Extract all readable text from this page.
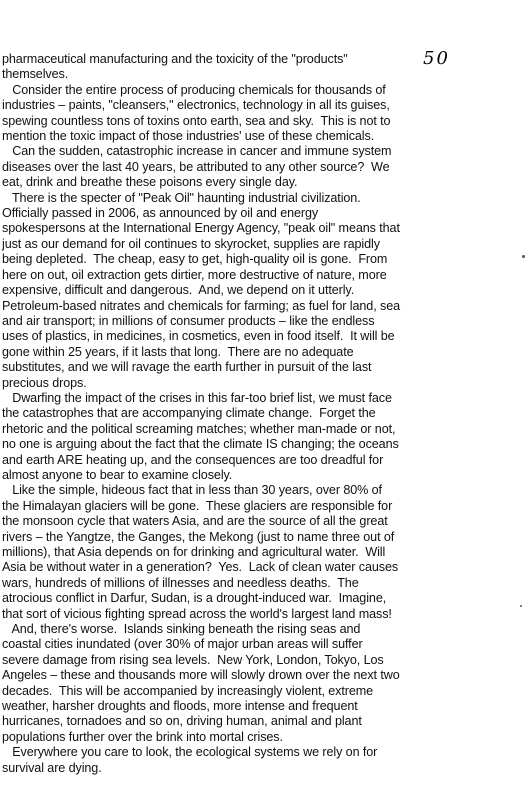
50

pharmaceutical manufacturing and the toxicity of the "products"

themselves.

Consider the entire process of producing chemicals for thousands of

industries – paints, "cleansers," electronics, technology in all its guises,

spewing countless tons of toxins onto earth, sea and sky.  This is not to

mention the toxic impact of those industries' use of these chemicals.

Can the sudden, catastrophic increase in cancer and immune system

diseases over the last 40 years, be attributed to any other source?  We

eat, drink and breathe these poisons every single day.

There is the specter of "Peak Oil" haunting industrial civilization.

Officially passed in 2006, as announced by oil and energy

spokespersons at the International Energy Agency, "peak oil" means that

just as our demand for oil continues to skyrocket, supplies are rapidly

being depleted.  The cheap, easy to get, high-quality oil is gone.  From

here on out, oil extraction gets dirtier, more destructive of nature, more

expensive, difficult and dangerous.  And, we depend on it utterly.

Petroleum-based nitrates and chemicals for farming; as fuel for land, sea

and air transport; in millions of consumer products – like the endless

uses of plastics, in medicines, in cosmetics, even in food itself.  It will be

gone within 25 years, if it lasts that long.  There are no adequate

substitutes, and we will ravage the earth further in pursuit of the last

precious drops.

Dwarfing the impact of the crises in this far-too brief list, we must face

the catastrophes that are accompanying climate change.  Forget the

rhetoric and the political screaming matches; whether man-made or not,

no one is arguing about the fact that the climate IS changing; the oceans

and earth ARE heating up, and the consequences are too dreadful for

almost anyone to bear to examine closely.

Like the simple, hideous fact that in less than 30 years, over 80% of

the Himalayan glaciers will be gone.  These glaciers are responsible for

the monsoon cycle that waters Asia, and are the source of all the great

rivers – the Yangtze, the Ganges, the Mekong (just to name three out of

millions), that Asia depends on for drinking and agricultural water.  Will

Asia be without water in a generation?  Yes.  Lack of clean water causes

wars, hundreds of millions of illnesses and needless deaths.  The

atrocious conflict in Darfur, Sudan, is a drought-induced war.  Imagine,

that sort of vicious fighting spread across the world's largest land mass!

And, there's worse.  Islands sinking beneath the rising seas and

coastal cities inundated (over 30% of major urban areas will suffer

severe damage from rising sea levels.  New York, London, Tokyo, Los

Angeles – these and thousands more will slowly drown over the next two

decades.  This will be accompanied by increasingly violent, extreme

weather, harsher droughts and floods, more intense and frequent

hurricanes, tornadoes and so on, driving human, animal and plant

populations further over the brink into mortal crises.

Everywhere you care to look, the ecological systems we rely on for

survival are dying.
